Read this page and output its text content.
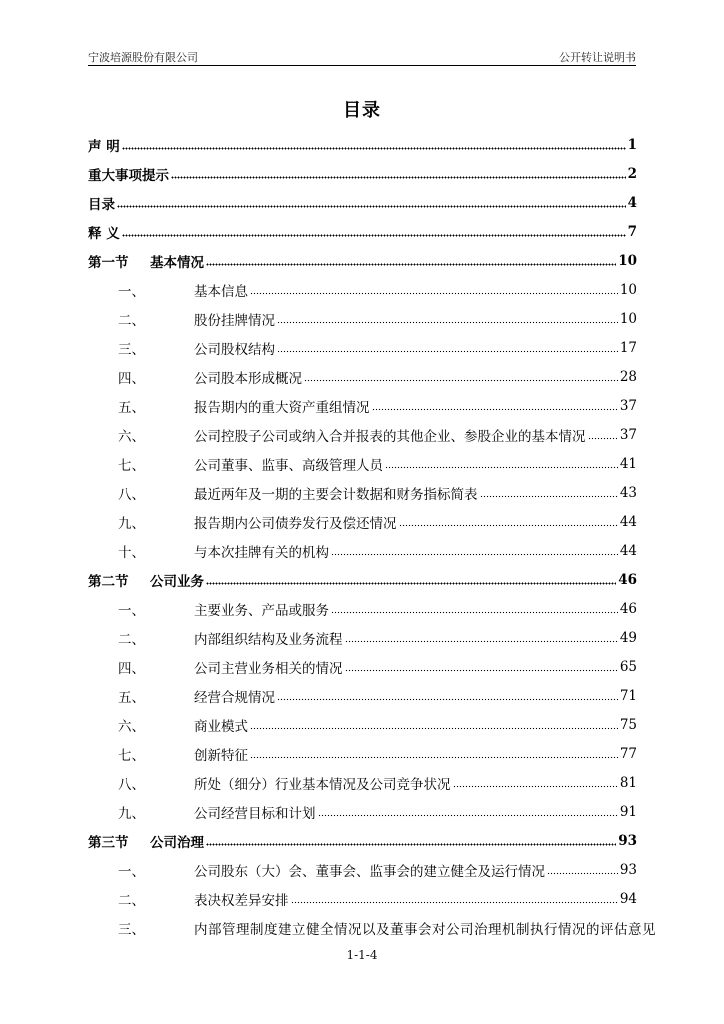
宁波培源股份有限公司	公开转让说明书
目录
声 明	1
重大事项提示	2
目录	4
释 义	7
第一节	基本情况	10
一、	基本信息	10
二、	股份挂牌情况	10
三、	公司股权结构	17
四、	公司股本形成概况	28
五、	报告期内的重大资产重组情况	37
六、	公司控股子公司或纳入合并报表的其他企业、参股企业的基本情况	37
七、	公司董事、监事、高级管理人员	41
八、	最近两年及一期的主要会计数据和财务指标简表	43
九、	报告期内公司债券发行及偿还情况	44
十、	与本次挂牌有关的机构	44
第二节	公司业务	46
一、	主要业务、产品或服务	46
二、	内部组织结构及业务流程	49
四、	公司主营业务相关的情况	65
五、	经营合规情况	71
六、	商业模式	75
七、	创新特征	77
八、	所处（细分）行业基本情况及公司竞争状况	81
九、	公司经营目标和计划	91
第三节	公司治理	93
一、	公司股东（大）会、董事会、监事会的建立健全及运行情况	93
二、	表决权差异安排	94
三、	内部管理制度建立健全情况以及董事会对公司治理机制执行情况的评估意见
1-1-4
